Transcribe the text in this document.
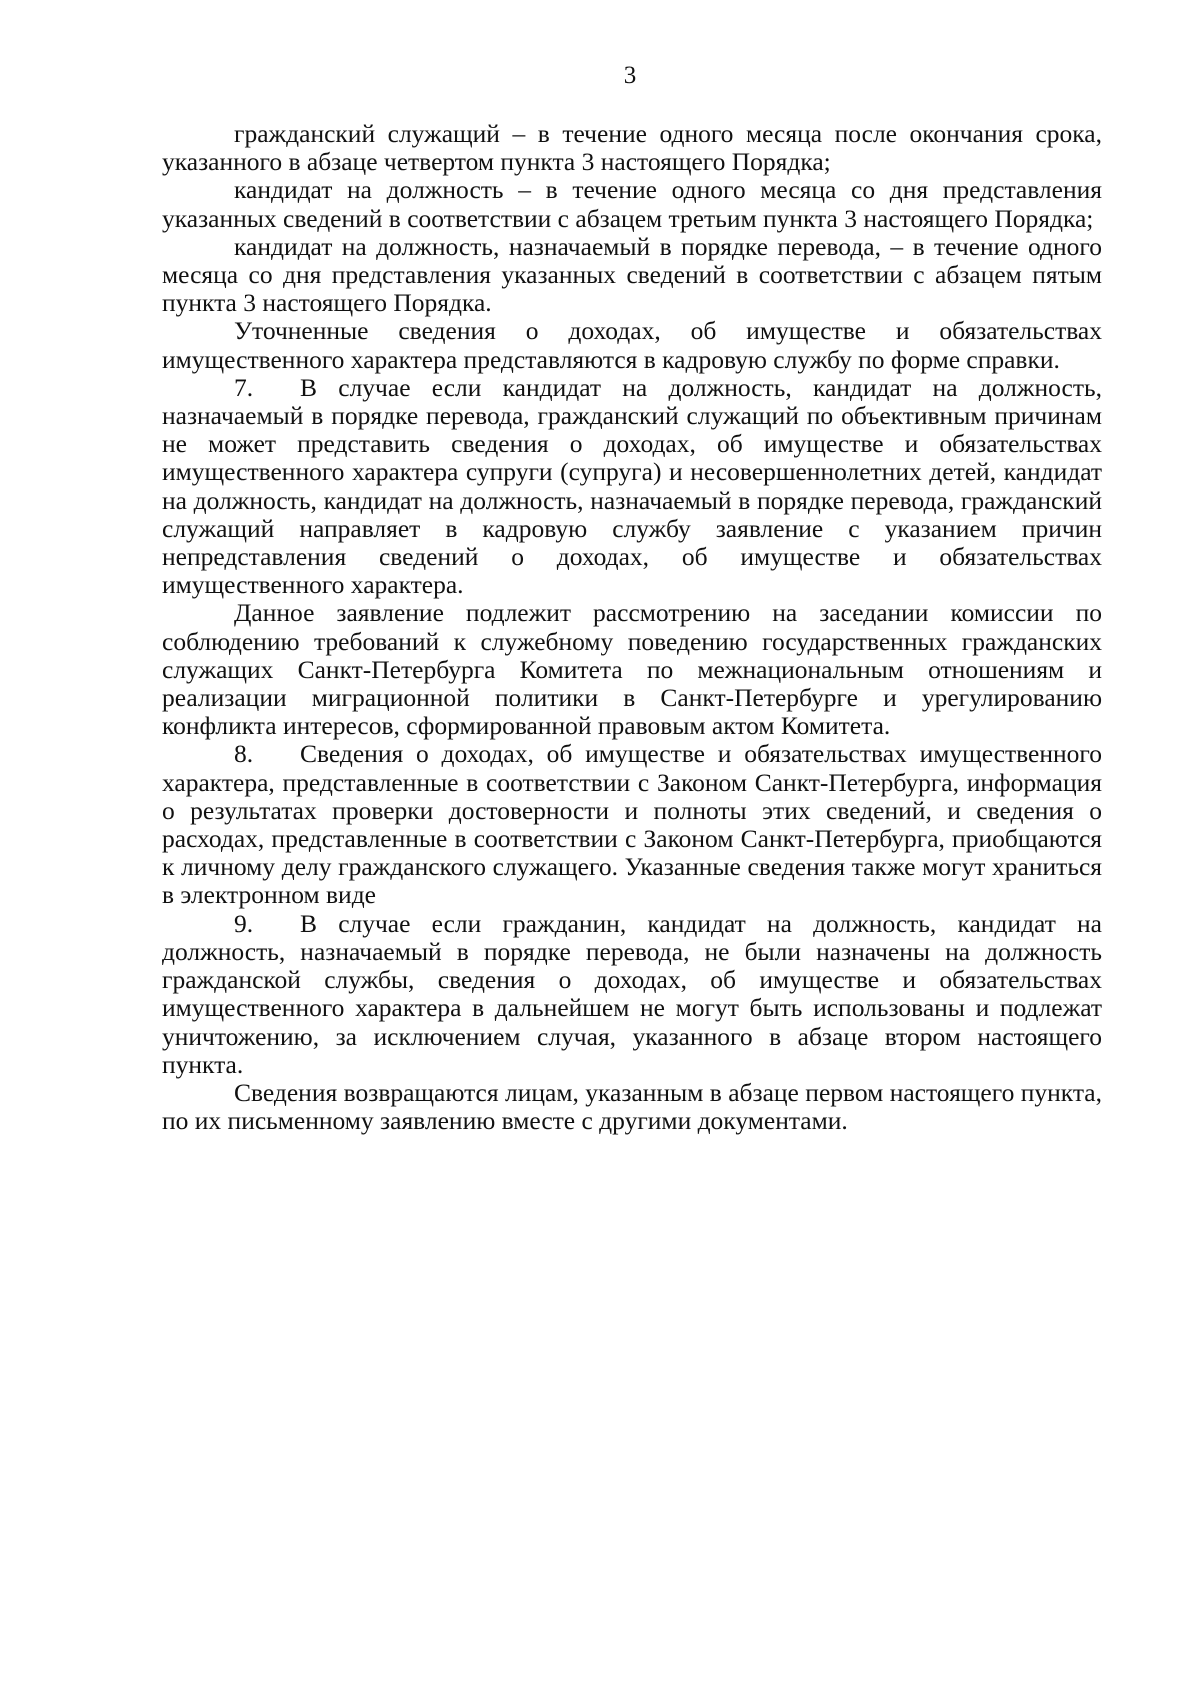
3

гражданский служащий – в течение одного месяца после окончания срока, указанного в абзаце четвертом пункта 3 настоящего Порядка;

кандидат на должность – в течение одного месяца со дня представления указанных сведений в соответствии с абзацем третьим пункта 3 настоящего Порядка;

кандидат на должность, назначаемый в порядке перевода, – в течение одного месяца со дня представления указанных сведений в соответствии с абзацем пятым пункта 3 настоящего Порядка.

Уточненные сведения о доходах, об имуществе и обязательствах имущественного характера представляются в кадровую службу по форме справки.

7. В случае если кандидат на должность, кандидат на должность, назначаемый в порядке перевода, гражданский служащий по объективным причинам не может представить сведения о доходах, об имуществе и обязательствах имущественного характера супруги (супруга) и несовершеннолетних детей, кандидат на должность, кандидат на должность, назначаемый в порядке перевода, гражданский служащий направляет в кадровую службу заявление с указанием причин непредставления сведений о доходах, об имуществе и обязательствах имущественного характера.

Данное заявление подлежит рассмотрению на заседании комиссии по соблюдению требований к служебному поведению государственных гражданских служащих Санкт-Петербурга Комитета по межнациональным отношениям и реализации миграционной политики в Санкт-Петербурге и урегулированию конфликта интересов, сформированной правовым актом Комитета.

8. Сведения о доходах, об имуществе и обязательствах имущественного характера, представленные в соответствии с Законом Санкт-Петербурга, информация о результатах проверки достоверности и полноты этих сведений, и сведения о расходах, представленные в соответствии с Законом Санкт-Петербурга, приобщаются к личному делу гражданского служащего. Указанные сведения также могут храниться в электронном виде

9. В случае если гражданин, кандидат на должность, кандидат на должность, назначаемый в порядке перевода, не были назначены на должность гражданской службы, сведения о доходах, об имуществе и обязательствах имущественного характера в дальнейшем не могут быть использованы и подлежат уничтожению, за исключением случая, указанного в абзаце втором настоящего пункта.

Сведения возвращаются лицам, указанным в абзаце первом настоящего пункта, по их письменному заявлению вместе с другими документами.
